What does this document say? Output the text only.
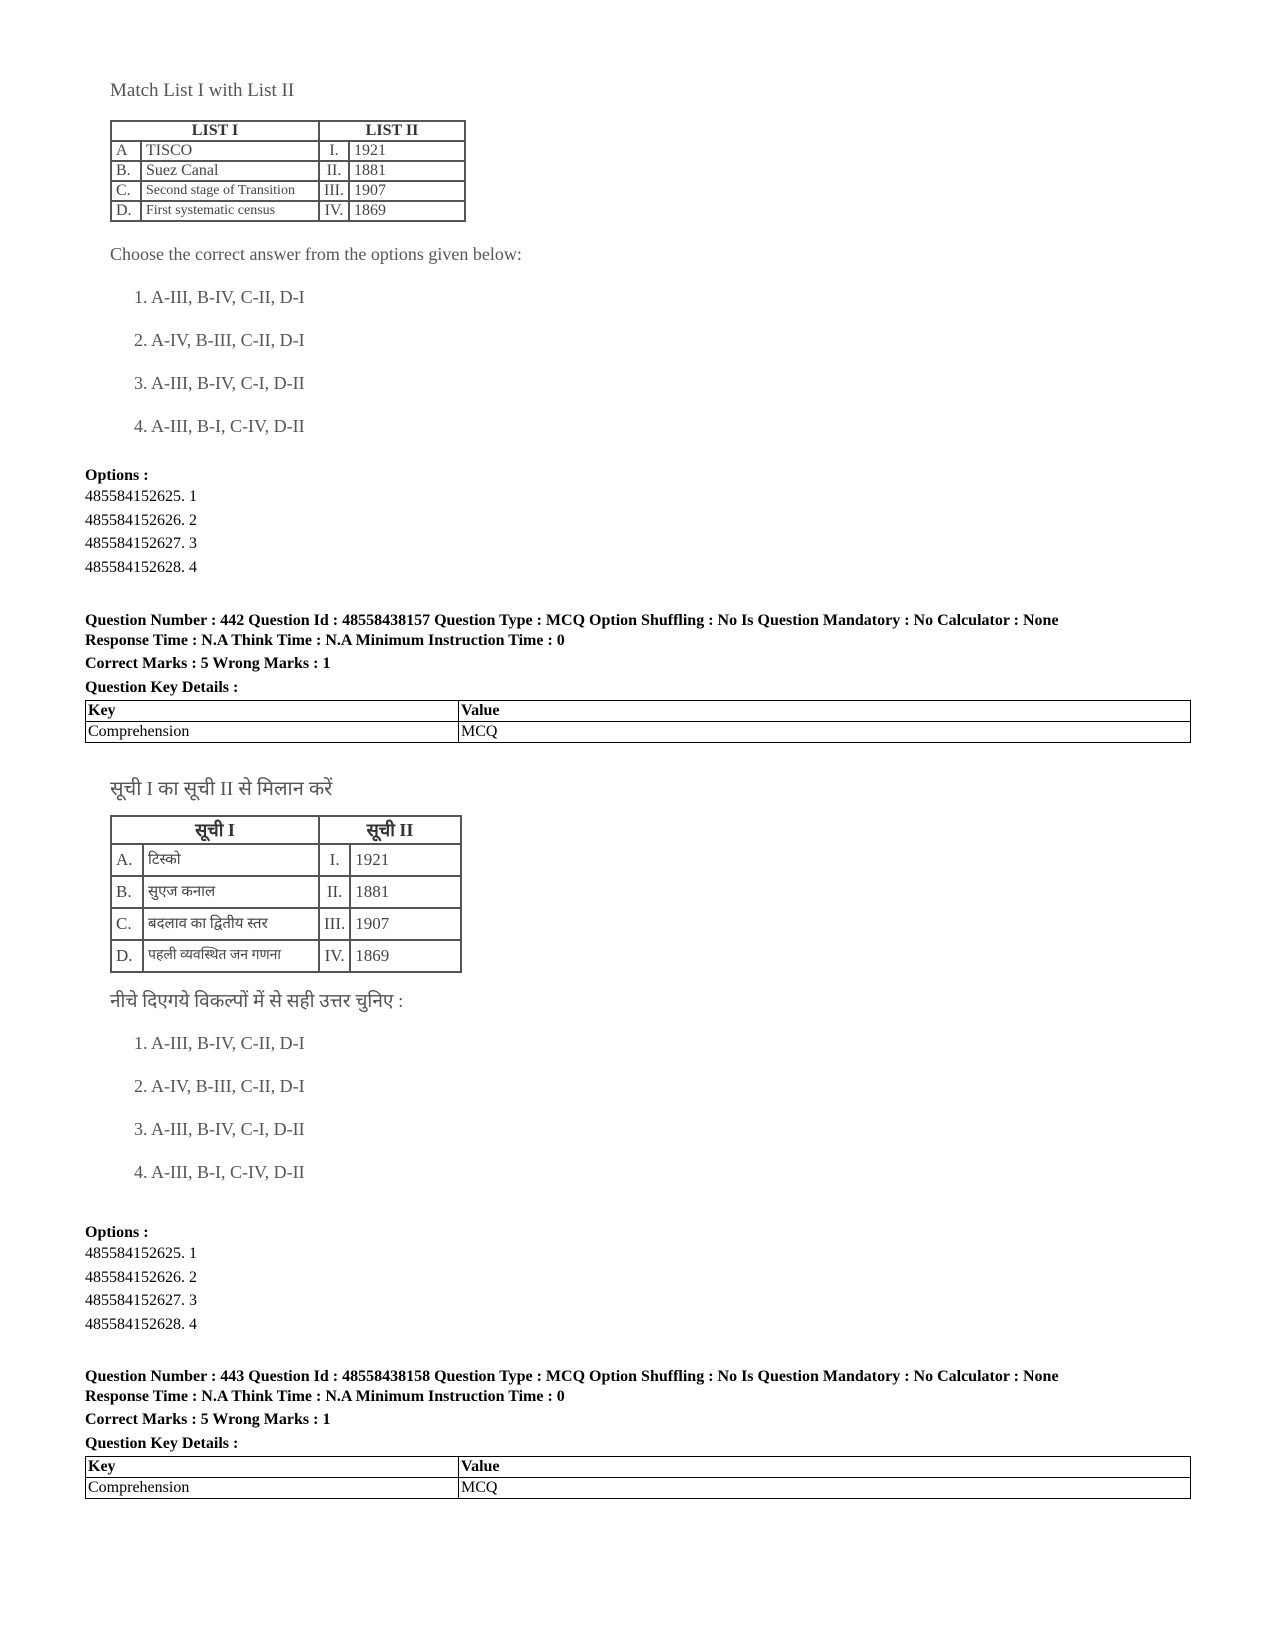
Match List I with List II
LIST I		LIST II	
A	TISCO	I.	1921
B.	Suez Canal	II.	1881
C.	Second stage of Transition	III.	1907
D.	First systematic census	IV.	1869
Choose the correct answer from the options given below:
1. A-III, B-IV, C-II, D-I
2. A-IV, B-III, C-II, D-I
3. A-III, B-IV, C-I, D-II
4. A-III, B-I, C-IV, D-II
Options :
485584152625. 1
485584152626. 2
485584152627. 3
485584152628. 4
Question Number : 442 Question Id : 48558438157 Question Type : MCQ Option Shuffling : No Is Question Mandatory : No Calculator : None
Response Time : N.A Think Time : N.A Minimum Instruction Time : 0
Correct Marks : 5 Wrong Marks : 1
Question Key Details :
Key	Value
Comprehension	MCQ
सूची I का सूची II से मिलान करें
सूची I		सूची II	
A.	टिस्को	I.	1921
B.	सुएज कनाल	II.	1881
C.	बदलाव का द्वितीय स्तर	III.	1907
D.	पहली व्यवस्थित जन गणना	IV.	1869
नीचे दिएगये विकल्पों में से सही उत्तर चुनिए :
1. A-III, B-IV, C-II, D-I
2. A-IV, B-III, C-II, D-I
3. A-III, B-IV, C-I, D-II
4. A-III, B-I, C-IV, D-II
Options :
485584152625. 1
485584152626. 2
485584152627. 3
485584152628. 4
Question Number : 443 Question Id : 48558438158 Question Type : MCQ Option Shuffling : No Is Question Mandatory : No Calculator : None
Response Time : N.A Think Time : N.A Minimum Instruction Time : 0
Correct Marks : 5 Wrong Marks : 1
Question Key Details :
Key	Value
Comprehension	MCQ
